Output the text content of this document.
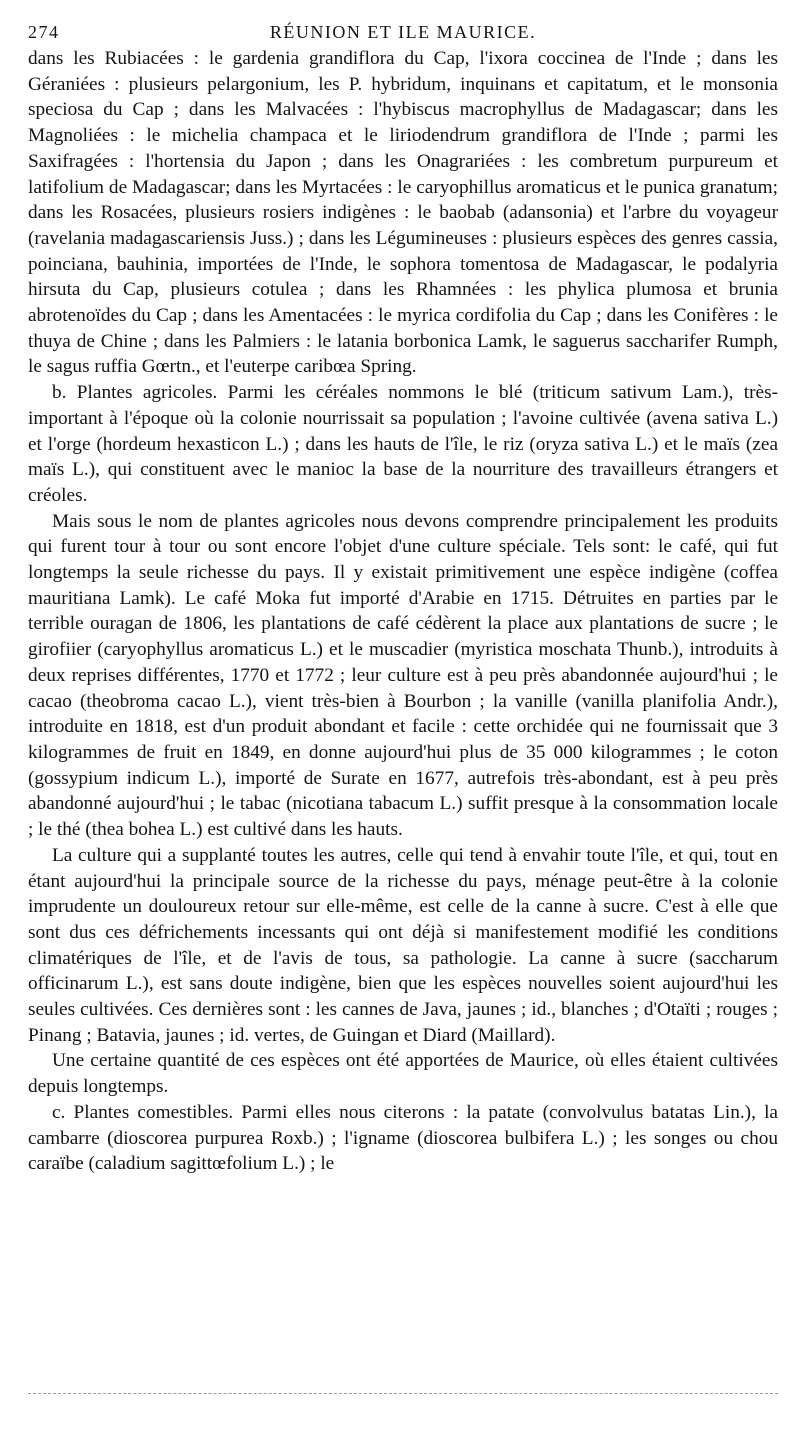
274	RÉUNION ET ILE MAURICE.

dans les Rubiacées : le gardenia grandiflora du Cap, l'ixora coccinea de l'Inde ; dans les Géraniées : plusieurs pelargonium, les P. hybridum, inquinans et capitatum, et le monsonia speciosa du Cap ; dans les Malvacées : l'hybiscus macrophyllus de Madagascar; dans les Magnoliées : le michelia champaca et le liriodendrum grandiflora de l'Inde ; parmi les Saxifragées : l'hortensia du Japon ; dans les Onagrariées : les combretum purpureum et latifolium de Madagascar; dans les Myrtacées : le caryophillus aromaticus et le punica granatum; dans les Rosacées, plusieurs rosiers indigènes : le baobab (adansonia) et l'arbre du voyageur (ravelania madagascariensis Juss.) ; dans les Légumineuses : plusieurs espèces des genres cassia, poinciana, bauhinia, importées de l'Inde, le sophora tomentosa de Madagascar, le podalyria hirsuta du Cap, plusieurs cotulea ; dans les Rhamnées : les phylica plumosa et brunia abrotenoïdes du Cap ; dans les Amentacées : le myrica cordifolia du Cap ; dans les Conifères : le thuya de Chine ; dans les Palmiers : le latania borbonica Lamk, le saguerus saccharifer Rumph, le sagus ruffia Gœrtn., et l'euterpe caribœa Spring.

b. Plantes agricoles. Parmi les céréales nommons le blé (triticum sativum Lam.), très-important à l'époque où la colonie nourrissait sa population ; l'avoine cultivée (avena sativa L.) et l'orge (hordeum hexasticon L.) ; dans les hauts de l'île, le riz (oryza sativa L.) et le maïs (zea maïs L.), qui constituent avec le manioc la base de la nourriture des travailleurs étrangers et créoles.

Mais sous le nom de plantes agricoles nous devons comprendre principalement les produits qui furent tour à tour ou sont encore l'objet d'une culture spéciale. Tels sont: le café, qui fut longtemps la seule richesse du pays. Il y existait primitivement une espèce indigène (coffea mauritiana Lamk). Le café Moka fut importé d'Arabie en 1715. Détruites en parties par le terrible ouragan de 1806, les plantations de café cédèrent la place aux plantations de sucre ; le girofiier (caryophyllus aromaticus L.) et le muscadier (myristica moschata Thunb.), introduits à deux reprises différentes, 1770 et 1772 ; leur culture est à peu près abandonnée aujourd'hui ; le cacao (theobroma cacao L.), vient très-bien à Bourbon ; la vanille (vanilla planifolia Andr.), introduite en 1818, est d'un produit abondant et facile : cette orchidée qui ne fournissait que 3 kilogrammes de fruit en 1849, en donne aujourd'hui plus de 35 000 kilogrammes ; le coton (gossypium indicum L.), importé de Surate en 1677, autrefois très-abondant, est à peu près abandonné aujourd'hui ; le tabac (nicotiana tabacum L.) suffit presque à la consommation locale ; le thé (thea bohea L.) est cultivé dans les hauts.

La culture qui a supplanté toutes les autres, celle qui tend à envahir toute l'île, et qui, tout en étant aujourd'hui la principale source de la richesse du pays, ménage peut-être à la colonie imprudente un douloureux retour sur elle-même, est celle de la canne à sucre. C'est à elle que sont dus ces défrichements incessants qui ont déjà si manifestement modifié les conditions climatériques de l'île, et de l'avis de tous, sa pathologie. La canne à sucre (saccharum officinarum L.), est sans doute indigène, bien que les espèces nouvelles soient aujourd'hui les seules cultivées. Ces dernières sont : les cannes de Java, jaunes ; id., blanches ; d'Otaïti ; rouges ; Pinang ; Batavia, jaunes ; id. vertes, de Guingan et Diard (Maillard).

Une certaine quantité de ces espèces ont été apportées de Maurice, où elles étaient cultivées depuis longtemps.

c. Plantes comestibles. Parmi elles nous citerons : la patate (convolvulus batatas Lin.), la cambarre (dioscorea purpurea Roxb.) ; l'igname (dioscorea bulbifera L.) ; les songes ou chou caraïbe (caladium sagittœfolium L.) ; le
